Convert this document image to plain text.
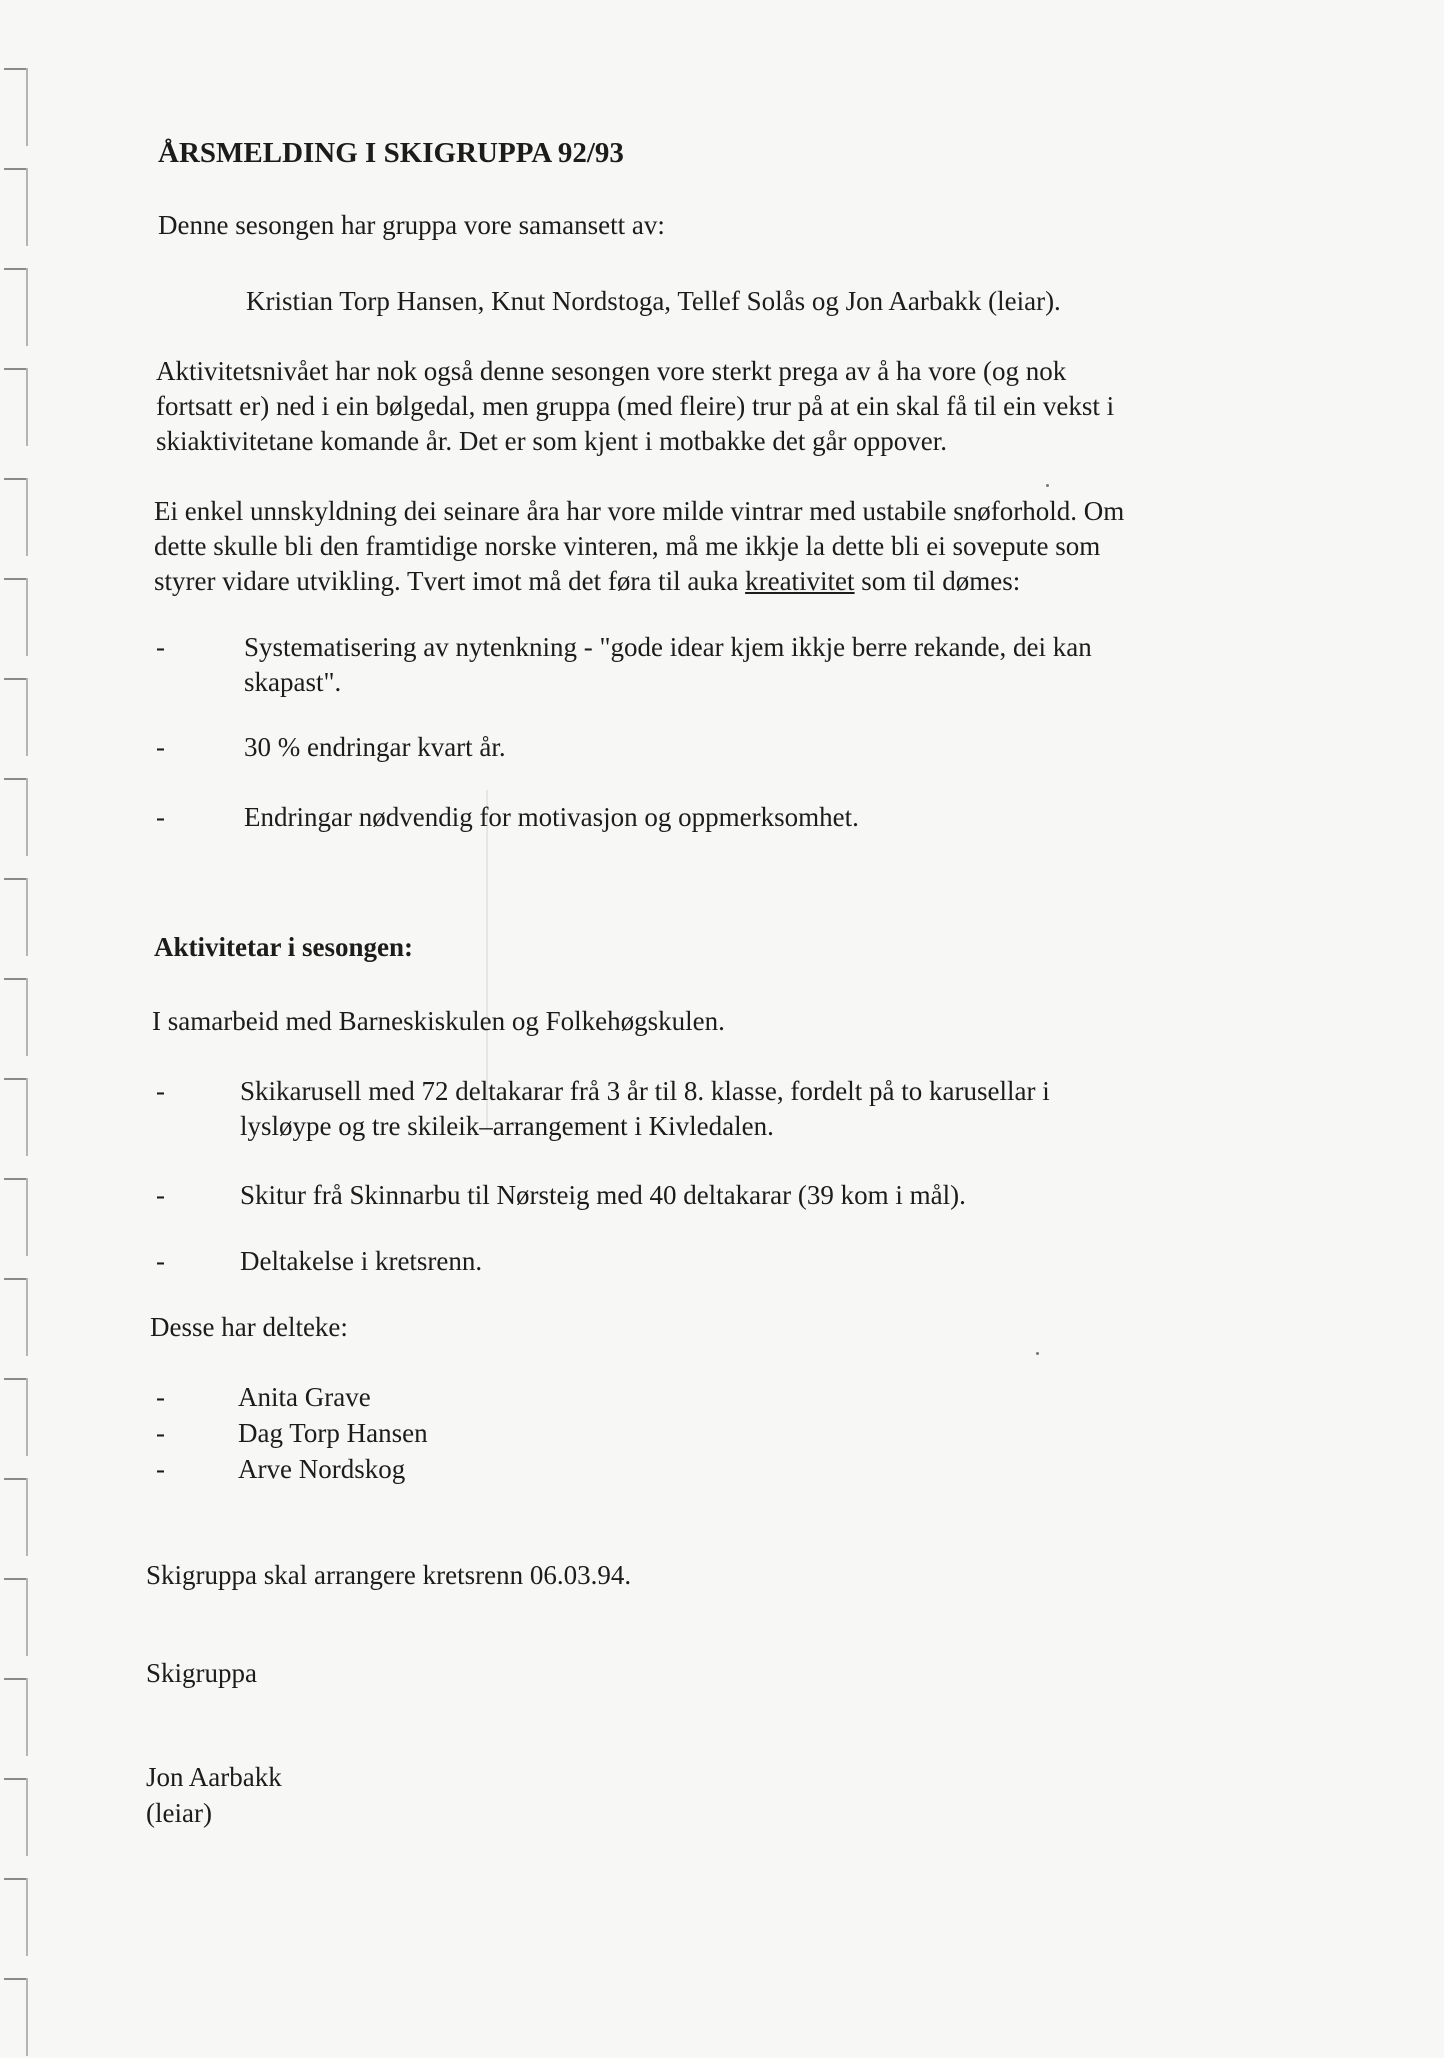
ÅRSMELDING I SKIGRUPPA 92/93
Denne sesongen har gruppa vore samansett av:
Kristian Torp Hansen, Knut Nordstoga, Tellef Solås og Jon Aarbakk (leiar).
Aktivitetsnivået har nok også denne sesongen vore sterkt prega av å ha vore (og nok
fortsatt er) ned i ein bølgedal, men gruppa (med fleire) trur på at ein skal få til ein vekst i
skiaktivitetane komande år. Det er som kjent i motbakke det går oppover.
Ei enkel unnskyldning dei seinare åra har vore milde vintrar med ustabile snøforhold. Om
dette skulle bli den framtidige norske vinteren, må me ikkje la dette bli ei sovepute som
styrer vidare utvikling. Tvert imot må det føra til auka kreativitet som til dømes:
-	Systematisering av nytenkning - "gode idear kjem ikkje berre rekande, dei kan
skapast".
-	30 % endringar kvart år.
-	Endringar nødvendig for motivasjon og oppmerksomhet.
Aktivitetar i sesongen:
I samarbeid med Barneskiskulen og Folkehøgskulen.
-	Skikarusell med 72 deltakarar frå 3 år til 8. klasse, fordelt på to karusellar i
lysløype og tre skileik–arrangement i Kivledalen.
-	Skitur frå Skinnarbu til Nørsteig med 40 deltakarar (39 kom i mål).
-	Deltakelse i kretsrenn.
Desse har delteke:
-	Anita Grave
-	Dag Torp Hansen
-	Arve Nordskog
Skigruppa skal arrangere kretsrenn 06.03.94.
Skigruppa
Jon Aarbakk
(leiar)
